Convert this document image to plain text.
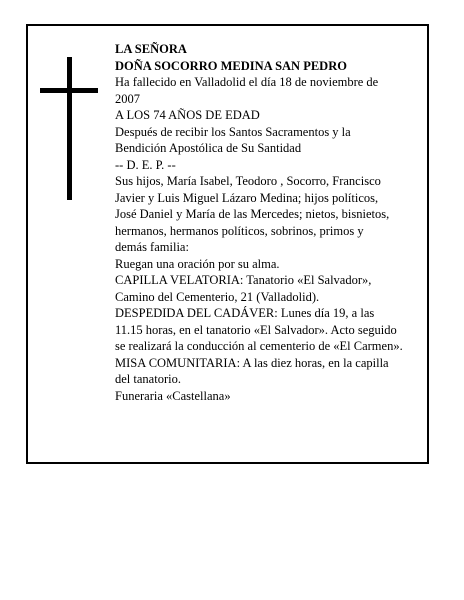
LA SEÑORA

DOÑA SOCORRO MEDINA SAN PEDRO

Ha fallecido en Valladolid el día 18 de noviembre de

2007

A LOS 74 AÑOS DE EDAD

Después de recibir los Santos Sacramentos y la

Bendición Apostólica de Su Santidad

-- D. E. P. --

Sus hijos, María Isabel, Teodoro , Socorro, Francisco

Javier y Luis Miguel Lázaro Medina; hijos políticos,

José Daniel y María de las Mercedes; nietos, bisnietos,

hermanos, hermanos políticos, sobrinos, primos y

demás familia:

Ruegan una oración por su alma.

CAPILLA VELATORIA: Tanatorio «El Salvador»,

Camino del Cementerio, 21 (Valladolid).

DESPEDIDA DEL CADÁVER: Lunes día 19, a las

11.15 horas, en el tanatorio «El Salvador». Acto seguido

se realizará la conducción al cementerio de «El Carmen».

MISA COMUNITARIA: A las diez horas, en la capilla

del tanatorio.

Funeraria «Castellana»
